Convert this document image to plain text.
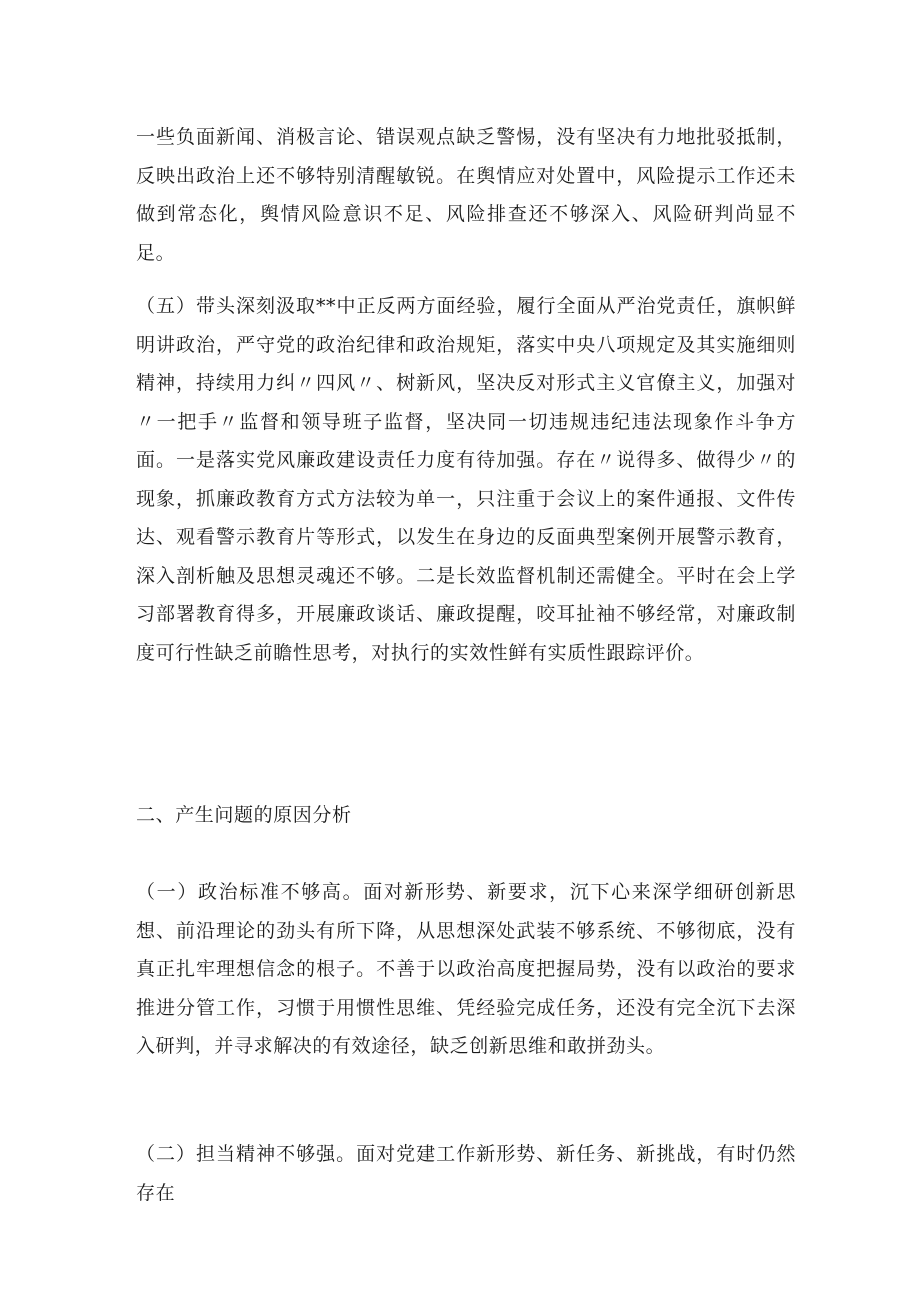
一些负面新闻、消极言论、错误观点缺乏警惕，没有坚决有力地批驳抵制，反映出政治上还不够特别清醒敏锐。在舆情应对处置中，风险提示工作还未做到常态化，舆情风险意识不足、风险排查还不够深入、风险研判尚显不足。

（五）带头深刻汲取**中正反两方面经验，履行全面从严治党责任，旗帜鲜明讲政治，严守党的政治纪律和政治规矩，落实中央八项规定及其实施细则精神，持续用力纠〃四风〃、树新风，坚决反对形式主义官僚主义，加强对〃一把手〃监督和领导班子监督，坚决同一切违规违纪违法现象作斗争方面。一是落实党风廉政建设责任力度有待加强。存在〃说得多、做得少〃的现象，抓廉政教育方式方法较为单一，只注重于会议上的案件通报、文件传达、观看警示教育片等形式，以发生在身边的反面典型案例开展警示教育，深入剖析触及思想灵魂还不够。二是长效监督机制还需健全。平时在会上学习部署教育得多，开展廉政谈话、廉政提醒，咬耳扯袖不够经常，对廉政制度可行性缺乏前瞻性思考，对执行的实效性鲜有实质性跟踪评价。

二、产生问题的原因分析

（一）政治标准不够高。面对新形势、新要求，沉下心来深学细研创新思想、前沿理论的劲头有所下降，从思想深处武装不够系统、不够彻底，没有真正扎牢理想信念的根子。不善于以政治高度把握局势，没有以政治的要求推进分管工作，习惯于用惯性思维、凭经验完成任务，还没有完全沉下去深入研判，并寻求解决的有效途径，缺乏创新思维和敢拼劲头。

（二）担当精神不够强。面对党建工作新形势、新任务、新挑战，有时仍然存在
